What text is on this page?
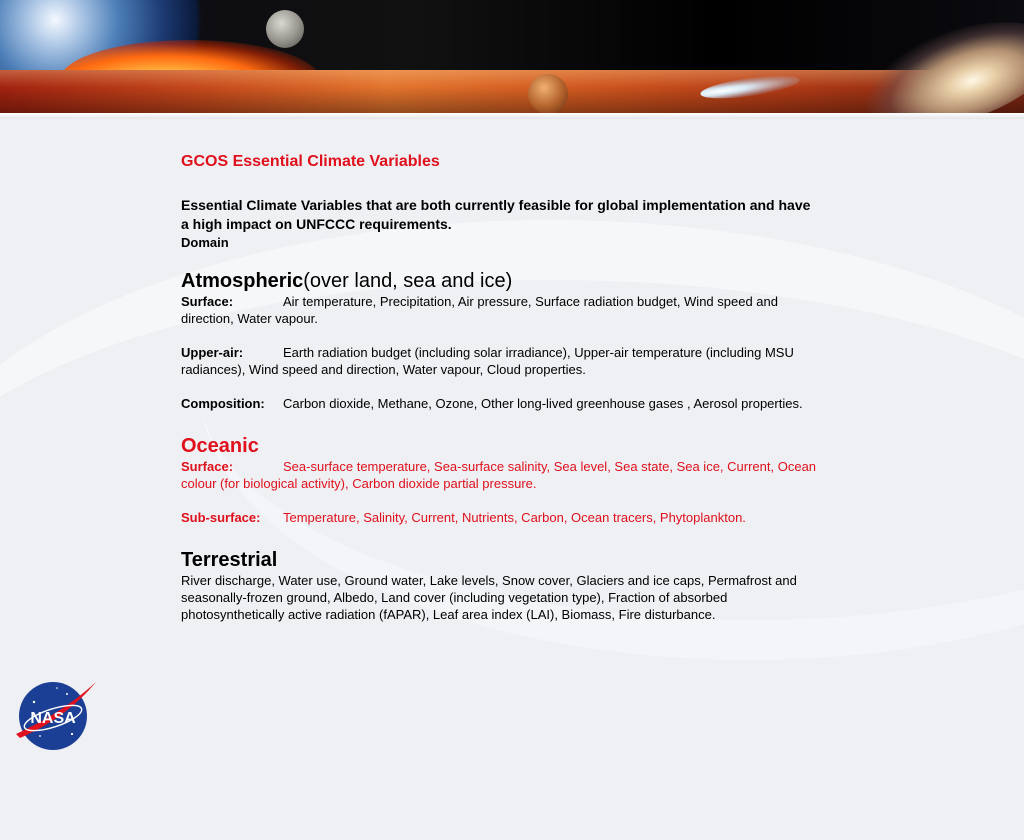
GCOS Essential Climate Variables

Essential Climate Variables that are both currently feasible for global implementation and have a high impact on UNFCCC requirements.

Domain

Atmospheric(over land, sea and ice)

Surface:	Air temperature, Precipitation, Air pressure, Surface radiation budget, Wind speed and direction, Water vapour.
Upper-air:	Earth radiation budget (including solar irradiance), Upper-air temperature (including MSU radiances), Wind speed and direction, Water vapour, Cloud properties.
Composition: Carbon dioxide, Methane, Ozone, Other long-lived greenhouse gases , Aerosol properties.

Oceanic

Surface:	Sea-surface temperature, Sea-surface salinity, Sea level, Sea state, Sea ice, Current, Ocean colour (for biological activity), Carbon dioxide partial pressure.
Sub-surface: Temperature, Salinity, Current, Nutrients, Carbon, Ocean tracers, Phytoplankton.

Terrestrial

River discharge, Water use, Ground water, Lake levels, Snow cover, Glaciers and ice caps, Permafrost and seasonally-frozen ground, Albedo, Land cover (including vegetation type), Fraction of absorbed photosynthetically active radiation (fAPAR), Leaf area index (LAI), Biomass, Fire disturbance.
NASA
